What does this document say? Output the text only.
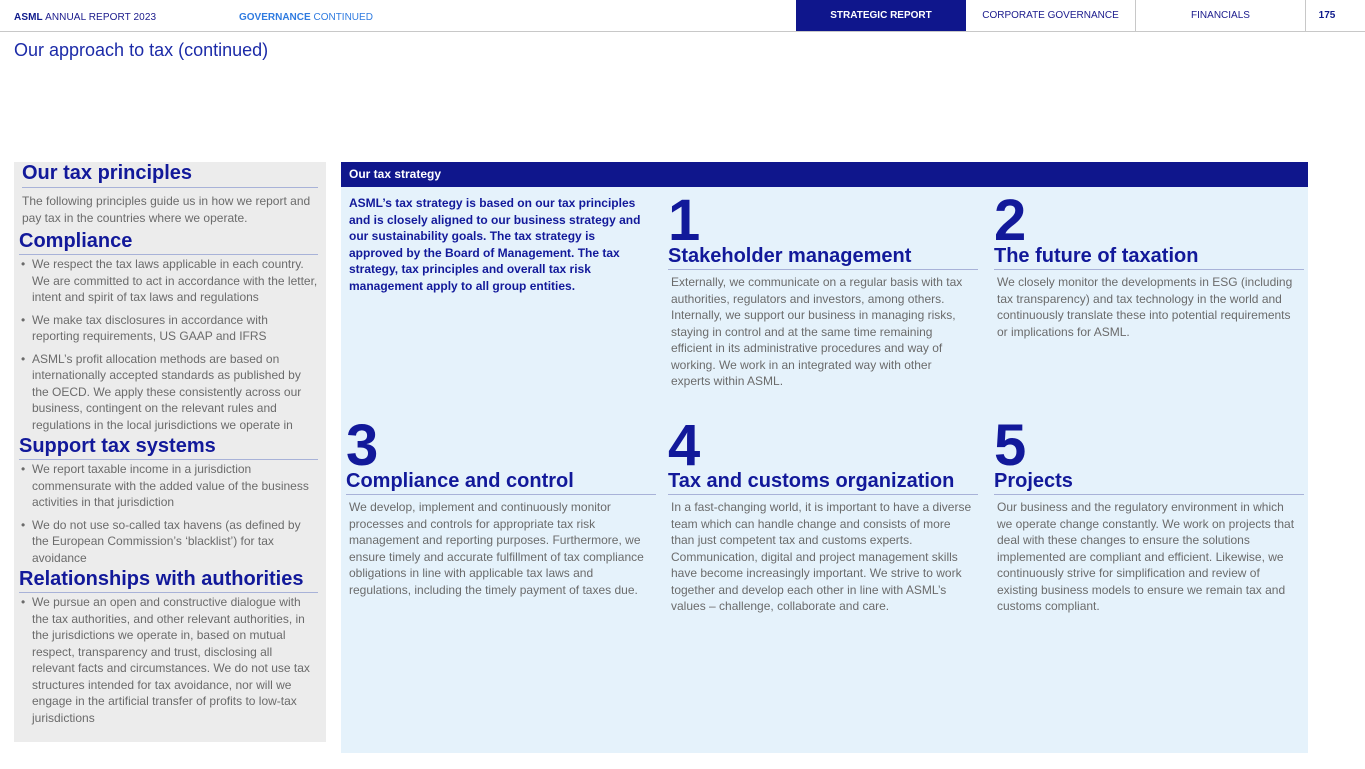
ASML ANNUAL REPORT 2023	GOVERNANCE CONTINUED	STRATEGIC REPORT	CORPORATE GOVERNANCE	FINANCIALS	175
Our approach to tax (continued)
Our tax principles
The following principles guide us in how we report and pay tax in the countries where we operate.
Compliance
• We respect the tax laws applicable in each country. We are committed to act in accordance with the letter, intent and spirit of tax laws and regulations
• We make tax disclosures in accordance with reporting requirements, US GAAP and IFRS
• ASML’s profit allocation methods are based on internationally accepted standards as published by the OECD. We apply these consistently across our business, contingent on the relevant rules and regulations in the local jurisdictions we operate in
Support tax systems
• We report taxable income in a jurisdiction commensurate with the added value of the business activities in that jurisdiction
• We do not use so-called tax havens (as defined by the European Commission’s ‘blacklist’) for tax avoidance
Relationships with authorities
• We pursue an open and constructive dialogue with the tax authorities, and other relevant authorities, in the jurisdictions we operate in, based on mutual respect, transparency and trust, disclosing all relevant facts and circumstances. We do not use tax structures intended for tax avoidance, nor will we engage in the artificial transfer of profits to low-tax jurisdictions
Our tax strategy
ASML’s tax strategy is based on our tax principles and is closely aligned to our business strategy and our sustainability goals. The tax strategy is approved by the Board of Management. The tax strategy, tax principles and overall tax risk management apply to all group entities.
1
Stakeholder management
Externally, we communicate on a regular basis with tax authorities, regulators and investors, among others. Internally, we support our business in managing risks, staying in control and at the same time remaining efficient in its administrative procedures and way of working. We work in an integrated way with other experts within ASML.
2
The future of taxation
We closely monitor the developments in ESG (including tax transparency) and tax technology in the world and continuously translate these into potential requirements or implications for ASML.
3
Compliance and control
We develop, implement and continuously monitor processes and controls for appropriate tax risk management and reporting purposes. Furthermore, we ensure timely and accurate fulfillment of tax compliance obligations in line with applicable tax laws and regulations, including the timely payment of taxes due.
4
Tax and customs organization
In a fast-changing world, it is important to have a diverse team which can handle change and consists of more than just competent tax and customs experts. Communication, digital and project management skills have become increasingly important. We strive to work together and develop each other in line with ASML’s values – challenge, collaborate and care.
5
Projects
Our business and the regulatory environment in which we operate change constantly. We work on projects that deal with these changes to ensure the solutions implemented are compliant and efficient. Likewise, we continuously strive for simplification and review of existing business models to ensure we remain tax and customs compliant.
